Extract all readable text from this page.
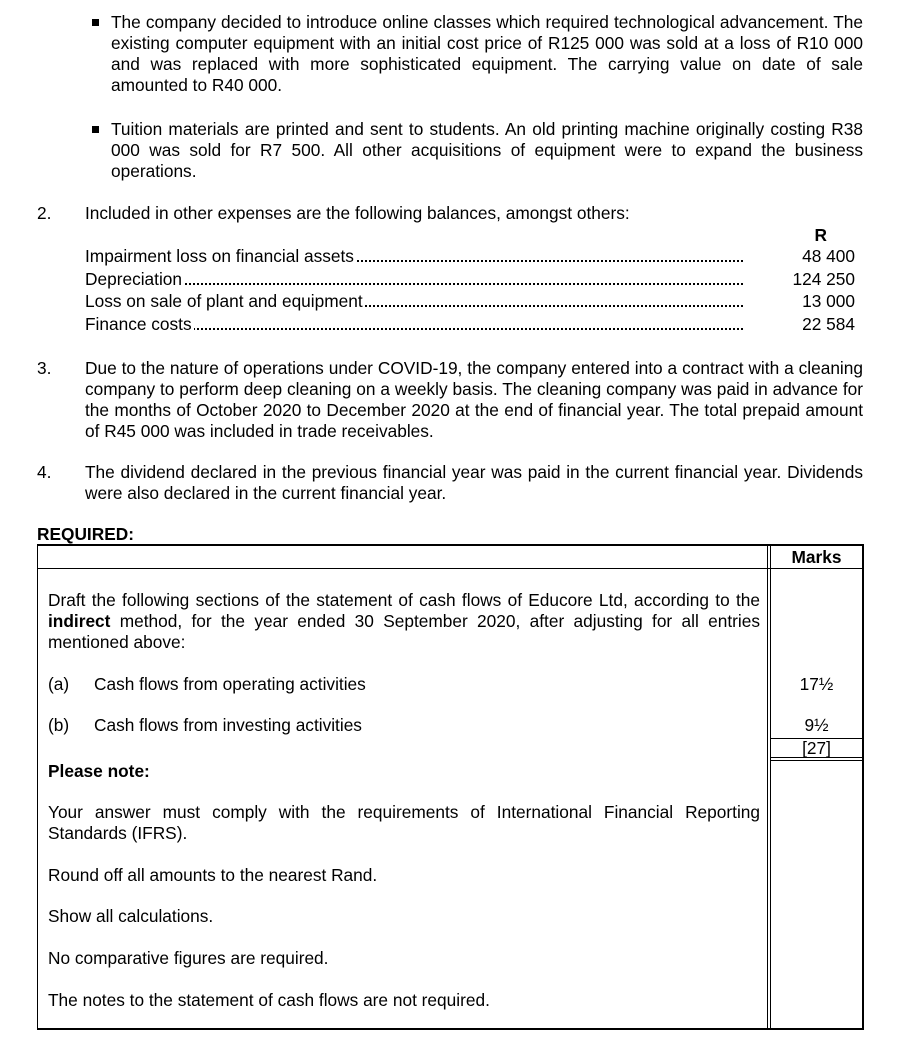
The company decided to introduce online classes which required technological advancement. The existing computer equipment with an initial cost price of R125 000 was sold at a loss of R10 000 and was replaced with more sophisticated equipment. The carrying value on date of sale amounted to R40 000.
Tuition materials are printed and sent to students. An old printing machine originally costing R38 000 was sold for R7 500. All other acquisitions of equipment were to expand the business operations.
2. Included in other expenses are the following balances, amongst others:
R
Impairment loss on financial assets	48 400
Depreciation	124 250
Loss on sale of plant and equipment	13 000
Finance costs	22 584
3. Due to the nature of operations under COVID-19, the company entered into a contract with a cleaning company to perform deep cleaning on a weekly basis. The cleaning company was paid in advance for the months of October 2020 to December 2020 at the end of financial year. The total prepaid amount of R45 000 was included in trade receivables.
4. The dividend declared in the previous financial year was paid in the current financial year. Dividends were also declared in the current financial year.
REQUIRED:
Marks
Draft the following sections of the statement of cash flows of Educore Ltd, according to the indirect method, for the year ended 30 September 2020, after adjusting for all entries mentioned above:
(a) Cash flows from operating activities	17½
(b) Cash flows from investing activities	9½
[27]
Please note:
Your answer must comply with the requirements of International Financial Reporting Standards (IFRS).
Round off all amounts to the nearest Rand.
Show all calculations.
No comparative figures are required.
The notes to the statement of cash flows are not required.
